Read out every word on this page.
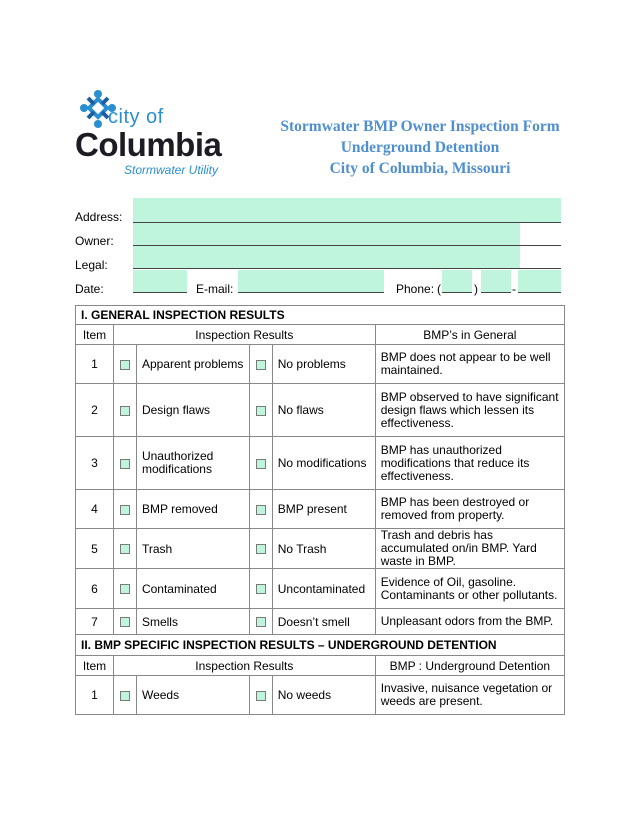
city of
Columbia
Stormwater Utility
Stormwater BMP Owner Inspection Form
Underground Detention
City of Columbia, Missouri
Address:
Owner:
Legal:
Date:	E-mail:	Phone: (	)	-
I. GENERAL INSPECTION RESULTS					
Item	Inspection Results				BMP’s in General
1		Apparent problems		No problems	BMP does not appear to be well maintained.
2		Design flaws		No flaws	BMP observed to have significant design flaws which lessen its effectiveness.
3		Unauthorized modifications		No modifications	BMP has unauthorized modifications that reduce its effectiveness.
4		BMP removed		BMP present	BMP has been destroyed or removed from property.
5		Trash		No Trash	Trash and debris has accumulated on/in BMP. Yard waste in BMP.
6		Contaminated		Uncontaminated	Evidence of Oil, gasoline. Contaminants or other pollutants.
7		Smells		Doesn’t smell	Unpleasant odors from the BMP.
II. BMP SPECIFIC INSPECTION RESULTS – UNDERGROUND DETENTION					
Item	Inspection Results				BMP : Underground Detention
1		Weeds		No weeds	Invasive, nuisance vegetation or weeds are present.
